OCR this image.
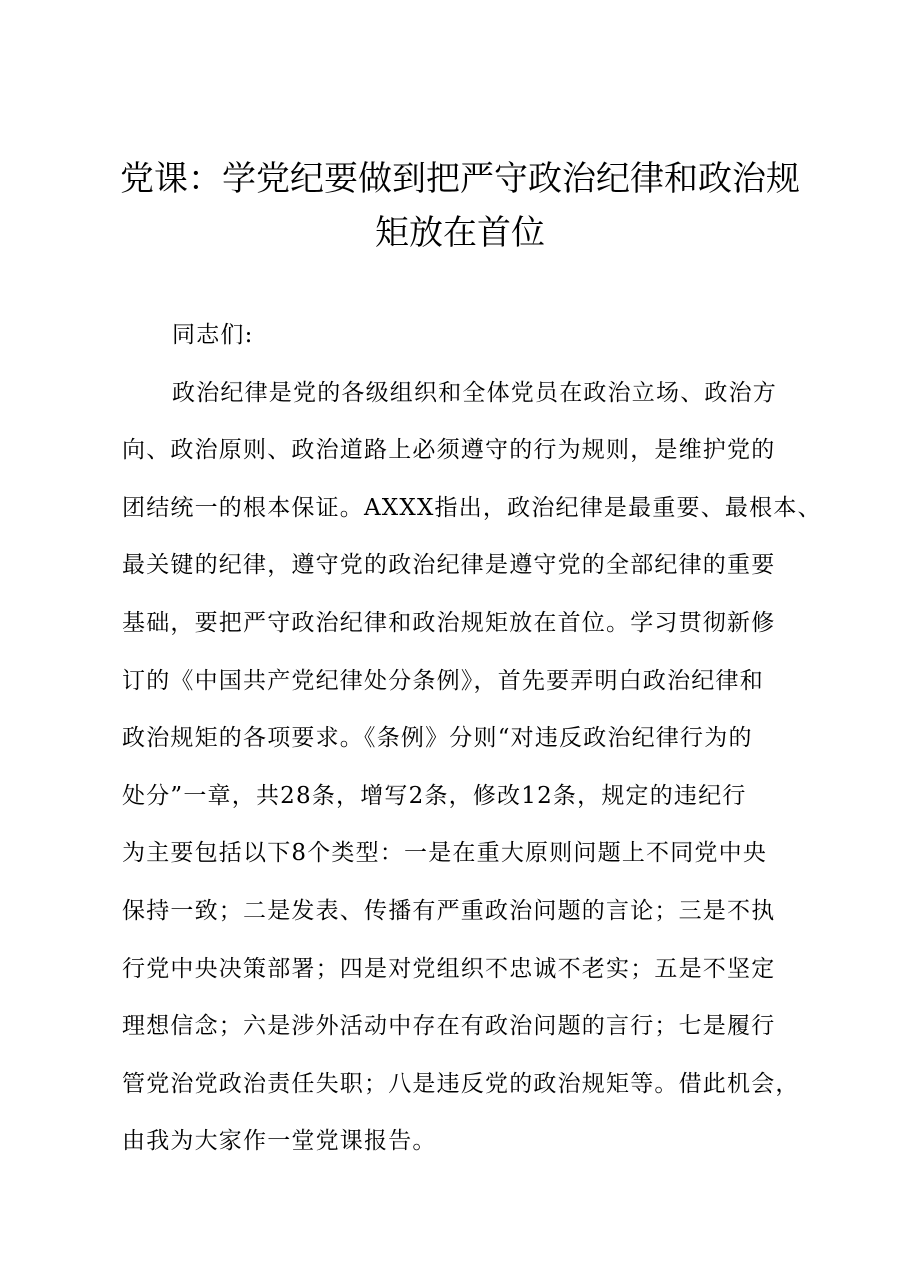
党课：学党纪要做到把严守政治纪律和政治规
矩放在首位
同志们:
政治纪律是党的各级组织和全体党员在政治立场、政治方
向、政治原则、政治道路上必须遵守的行为规则，是维护党的
团结统一的根本保证。AXXX指出，政治纪律是最重要、最根本、
最关键的纪律，遵守党的政治纪律是遵守党的全部纪律的重要
基础，要把严守政治纪律和政治规矩放在首位。学习贯彻新修
订的《中国共产党纪律处分条例》，首先要弄明白政治纪律和
政治规矩的各项要求。《条例》分则“对违反政治纪律行为的
处分”一章，共28条，增写2条，修改12条，规定的违纪行
为主要包括以下8个类型：一是在重大原则问题上不同党中央
保持一致；二是发表、传播有严重政治问题的言论；三是不执
行党中央决策部署；四是对党组织不忠诚不老实；五是不坚定
理想信念；六是涉外活动中存在有政治问题的言行；七是履行
管党治党政治责任失职；八是违反党的政治规矩等。借此机会，
由我为大家作一堂党课报告。
